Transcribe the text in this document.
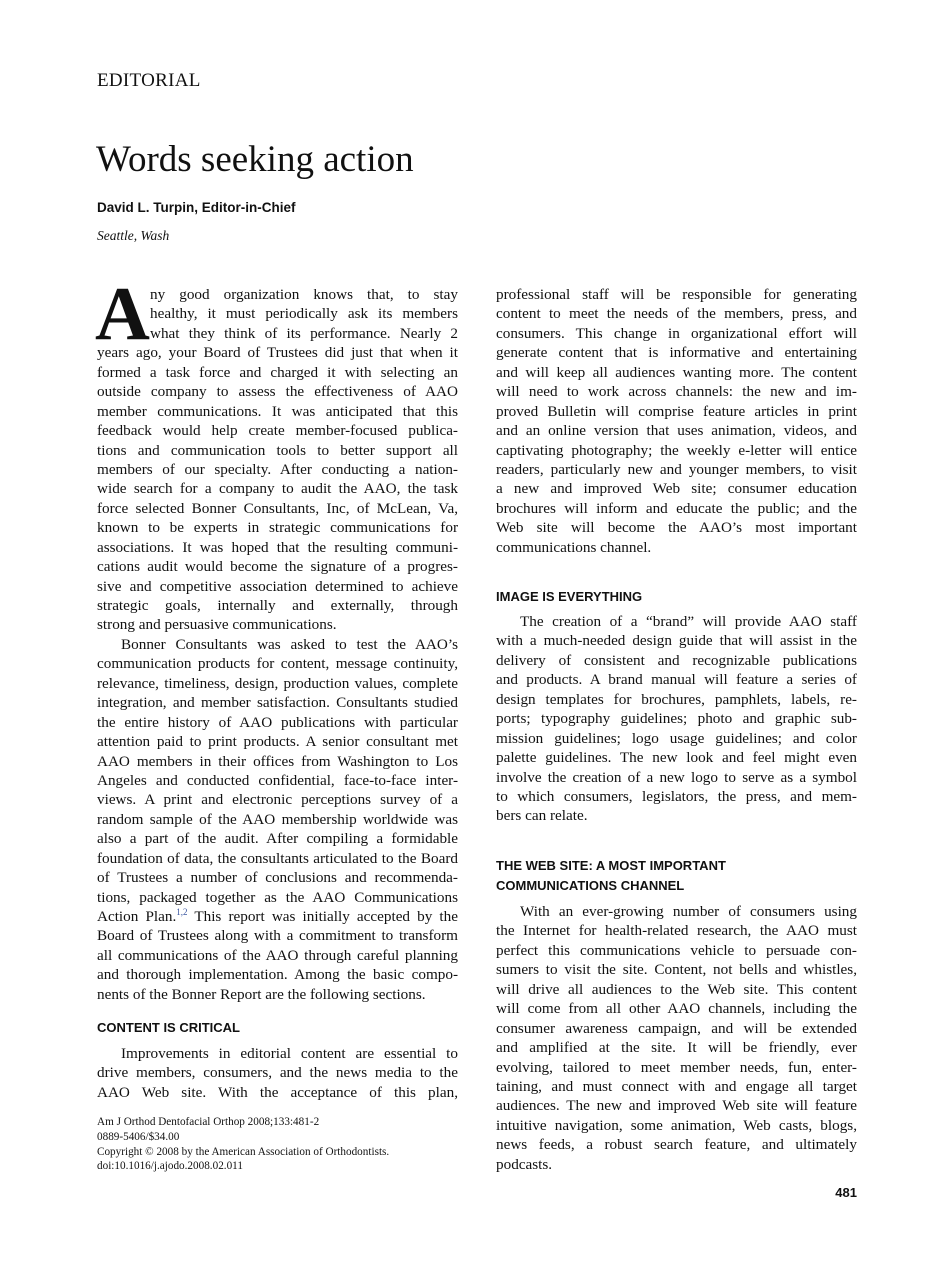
EDITORIAL
Words seeking action
David L. Turpin, Editor-in-Chief
Seattle, Wash
A ny good organization knows that, to stay
healthy, it must periodically ask its members
what they think of its performance. Nearly 2
years ago, your Board of Trustees did just that when it
formed a task force and charged it with selecting an
outside company to assess the effectiveness of AAO
member communications. It was anticipated that this
feedback would help create member-focused publica-
tions and communication tools to better support all
members of our specialty. After conducting a nation-
wide search for a company to audit the AAO, the task
force selected Bonner Consultants, Inc, of McLean, Va,
known to be experts in strategic communications for
associations. It was hoped that the resulting communi-
cations audit would become the signature of a progres-
sive and competitive association determined to achieve
strategic goals, internally and externally, through
strong and persuasive communications.
Bonner Consultants was asked to test the AAO’s
communication products for content, message continuity,
relevance, timeliness, design, production values, complete
integration, and member satisfaction. Consultants studied
the entire history of AAO publications with particular
attention paid to print products. A senior consultant met
AAO members in their offices from Washington to Los
Angeles and conducted confidential, face-to-face inter-
views. A print and electronic perceptions survey of a
random sample of the AAO membership worldwide was
also a part of the audit. After compiling a formidable
foundation of data, the consultants articulated to the Board
of Trustees a number of conclusions and recommenda-
tions, packaged together as the AAO Communications
Action Plan.$^{1,2}$ This report was initially accepted by the
Board of Trustees along with a commitment to transform
all communications of the AAO through careful planning
and thorough implementation. Among the basic compo-
nents of the Bonner Report are the following sections.
CONTENT IS CRITICAL
Improvements in editorial content are essential to
drive members, consumers, and the news media to the
AAO Web site. With the acceptance of this plan,
professional staff will be responsible for generating
content to meet the needs of the members, press, and
consumers. This change in organizational effort will
generate content that is informative and entertaining
and will keep all audiences wanting more. The content
will need to work across channels: the new and im-
proved Bulletin will comprise feature articles in print
and an online version that uses animation, videos, and
captivating photography; the weekly e-letter will entice
readers, particularly new and younger members, to visit
a new and improved Web site; consumer education
brochures will inform and educate the public; and the
Web site will become the AAO’s most important
communications channel.
IMAGE IS EVERYTHING
The creation of a “brand” will provide AAO staff
with a much-needed design guide that will assist in the
delivery of consistent and recognizable publications
and products. A brand manual will feature a series of
design templates for brochures, pamphlets, labels, re-
ports; typography guidelines; photo and graphic sub-
mission guidelines; logo usage guidelines; and color
palette guidelines. The new look and feel might even
involve the creation of a new logo to serve as a symbol
to which consumers, legislators, the press, and mem-
bers can relate.
THE WEB SITE: A MOST IMPORTANT
COMMUNICATIONS CHANNEL
With an ever-growing number of consumers using
the Internet for health-related research, the AAO must
perfect this communications vehicle to persuade con-
sumers to visit the site. Content, not bells and whistles,
will drive all audiences to the Web site. This content
will come from all other AAO channels, including the
consumer awareness campaign, and will be extended
and amplified at the site. It will be friendly, ever
evolving, tailored to meet member needs, fun, enter-
taining, and must connect with and engage all target
audiences. The new and improved Web site will feature
intuitive navigation, some animation, Web casts, blogs,
news feeds, a robust search feature, and ultimately
podcasts.
Am J Orthod Dentofacial Orthop 2008;133:481-2
0889-5406/$34.00
Copyright © 2008 by the American Association of Orthodontists.
doi:10.1016/j.ajodo.2008.02.011
481
